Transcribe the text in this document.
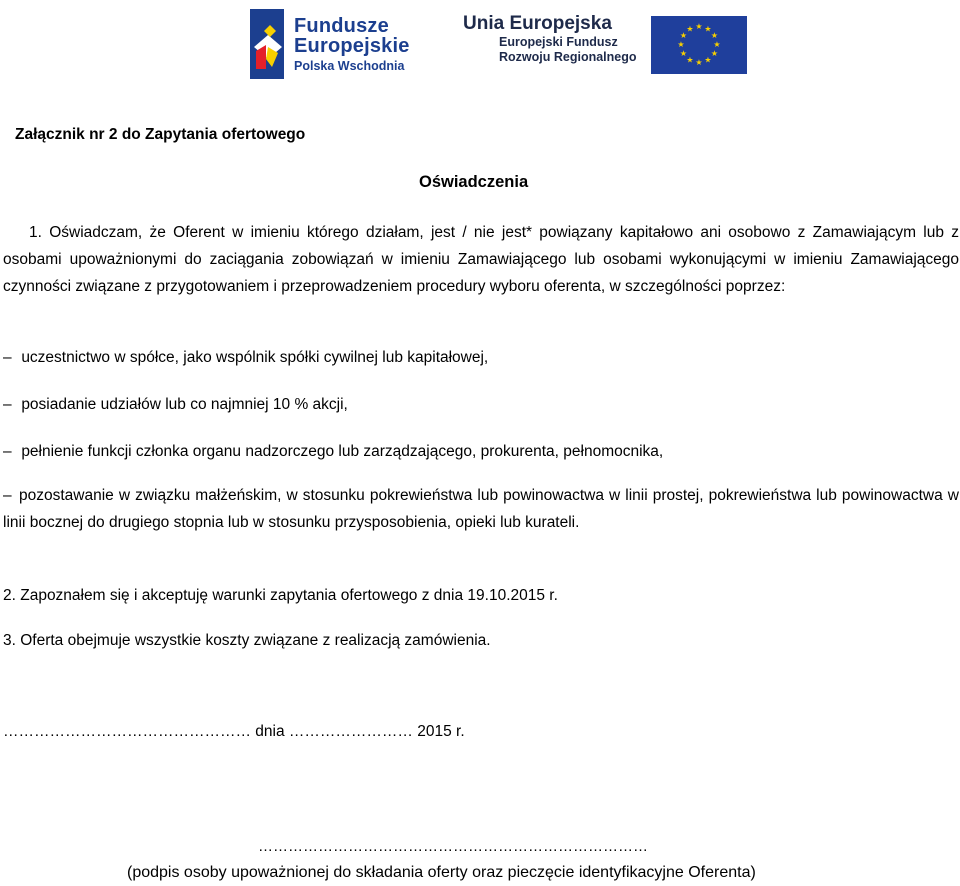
Fundusze
Europejskie
Polska Wschodnia
Unia Europejska
Europejski Fundusz
Rozwoju Regionalnego
★ ★
★
★
★
★
★
★
★
★
★
★
Załącznik nr 2 do Zapytania ofertowego
Oświadczenia
1. Oświadczam, że Oferent w imieniu którego działam, jest / nie jest* powiązany kapitałowo ani osobowo z Zamawiającym lub z osobami upoważnionymi do zaciągania zobowiązań w imieniu Zamawiającego lub osobami wykonującymi w imieniu Zamawiającego czynności związane z przygotowaniem i przeprowadzeniem procedury wyboru oferenta, w szczególności poprzez:
– uczestnictwo w spółce, jako wspólnik spółki cywilnej lub kapitałowej,
– posiadanie udziałów lub co najmniej 10 % akcji,
– pełnienie funkcji członka organu nadzorczego lub zarządzającego, prokurenta, pełnomocnika,
– pozostawanie w związku małżeńskim, w stosunku pokrewieństwa lub powinowactwa w linii prostej, pokrewieństwa lub powinowactwa w linii bocznej do drugiego stopnia lub w stosunku przysposobienia, opieki lub kurateli.
2. Zapoznałem się i akceptuję warunki zapytania ofertowego z dnia 19.10.2015 r.
3. Oferta obejmuje wszystkie koszty związane z realizacją zamówienia.
………………………………………… dnia …………………… 2015 r.
……………………………………………………………………
(podpis osoby upoważnionej do składania oferty oraz pieczęcie identyfikacyjne Oferenta)
